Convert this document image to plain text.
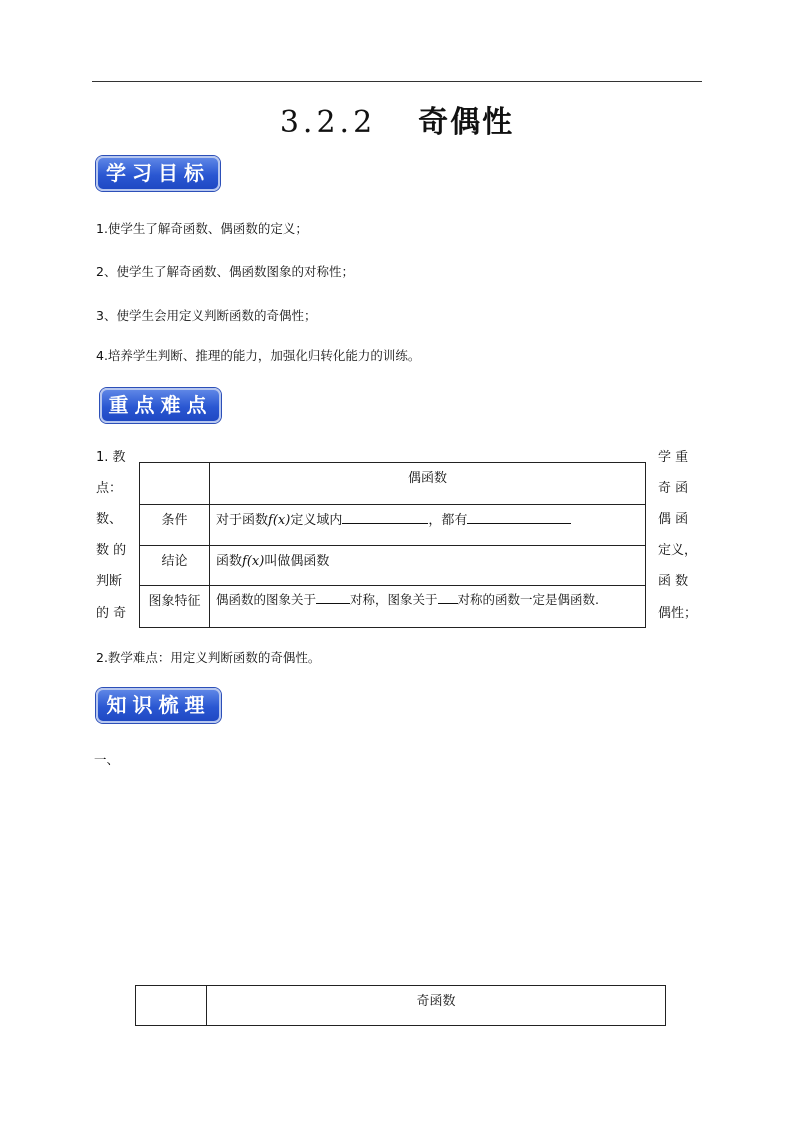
3.2.2 奇偶性
学习目标
1.使学生了解奇函数、偶函数的定义；
2、使学生了解奇函数、偶函数图象的对称性；
3、使学生会用定义判断函数的奇偶性；
4.培养学生判断、推理的能力，加强化归转化能力的训练。
重点难点
1. 教
点：
数、
数 的
判断
的 奇
学 重
奇 函
偶 函
定义，
函 数
偶性；
	偶函数
条件	对于函数f(x)定义域内 ，都有
结论	函数f(x)叫做偶函数
图象特征	偶函数的图象关于 对称，图象关于 对称的函数一定是偶函数.
2.教学难点：用定义判断函数的奇偶性。
知识梳理
一、
	奇函数
